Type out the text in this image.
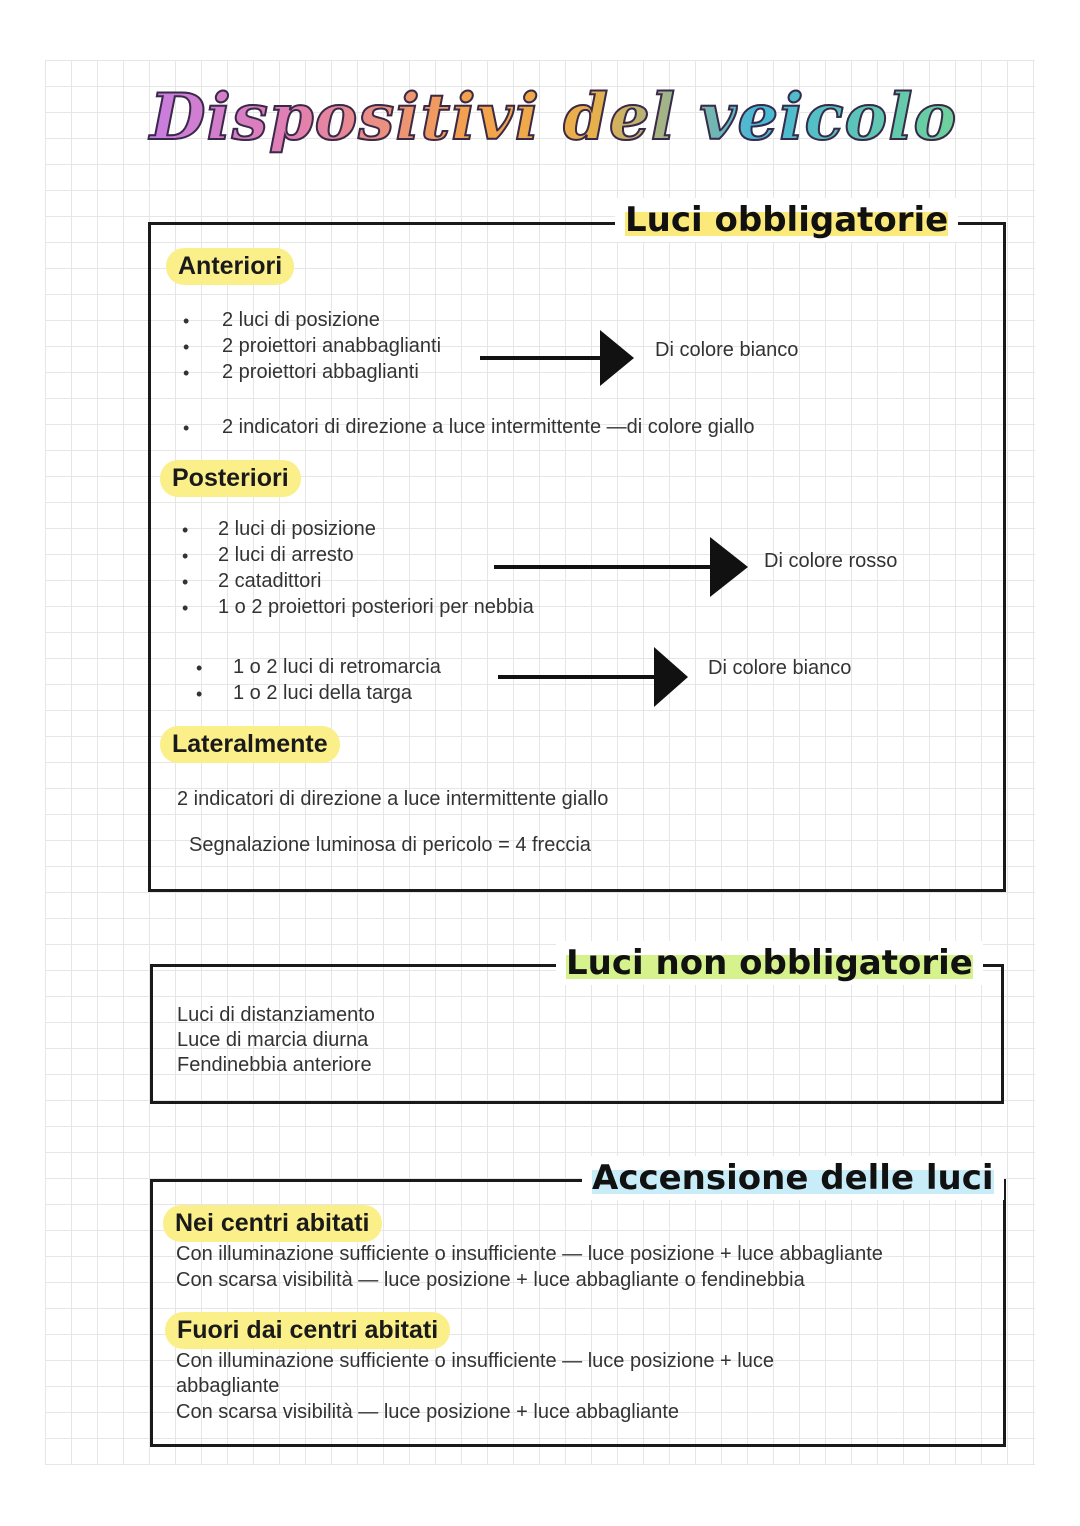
Dispositivi del veicolo
Luci obbligatorie
Anteriori
• 2 luci di posizione
• 2 proiettori anabbaglianti
• 2 proiettori abbaglianti
Di colore bianco
• 2 indicatori di direzione a luce intermittente —di colore giallo
Posteriori
• 2 luci di posizione
• 2 luci di arresto
• 2 catadittori
• 1 o 2 proiettori posteriori per nebbia
Di colore rosso
• 1 o 2 luci di retromarcia
• 1 o 2 luci della targa
Di colore bianco
Lateralmente
2 indicatori di direzione a luce intermittente giallo
Segnalazione luminosa di pericolo = 4 freccia
Luci non obbligatorie
Luci di distanziamento
Luce di marcia diurna
Fendinebbia anteriore
Accensione delle luci
Nei centri abitati
Con illuminazione sufficiente o insufficiente — luce posizione + luce abbagliante
Con scarsa visibilità — luce posizione + luce abbagliante o fendinebbia
Fuori dai centri abitati
Con illuminazione sufficiente o insufficiente — luce posizione + luce
abbagliante
Con scarsa visibilità — luce posizione + luce abbagliante
